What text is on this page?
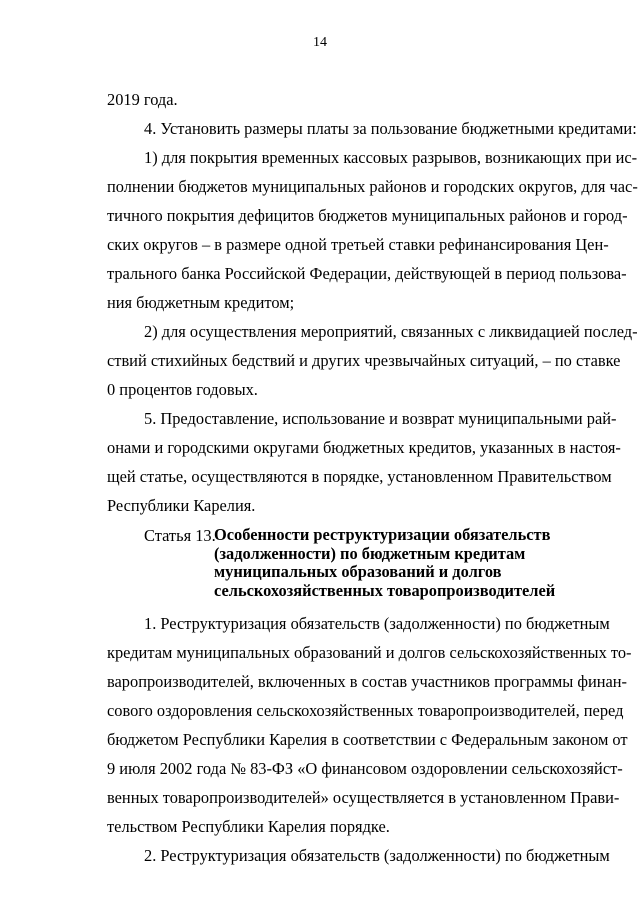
14
2019 года.
4. Установить размеры платы за пользование бюджетными кредитами:
1) для покрытия временных кассовых разрывов, возникающих при ис-
полнении бюджетов муниципальных районов и городских округов, для час-
тичного покрытия дефицитов бюджетов муниципальных районов и город-
ских округов – в размере одной третьей ставки рефинансирования Цен-
трального банка Российской Федерации, действующей в период пользова-
ния бюджетным кредитом;
2) для осуществления мероприятий, связанных с ликвидацией послед-
ствий стихийных бедствий и других чрезвычайных ситуаций, – по ставке
0 процентов годовых.
5. Предоставление, использование и возврат муниципальными рай-
онами и городскими округами бюджетных кредитов, указанных в настоя-
щей статье, осуществляются в порядке, установленном Правительством
Республики Карелия.
Статья 13.
Особенности реструктуризации обязательств
(задолженности) по бюджетным кредитам
муниципальных образований и долгов
сельскохозяйственных товаропроизводителей
1. Реструктуризация обязательств (задолженности) по бюджетным
кредитам муниципальных образований и долгов сельскохозяйственных то-
варопроизводителей, включенных в состав участников программы финан-
сового оздоровления сельскохозяйственных товаропроизводителей, перед
бюджетом Республики Карелия в соответствии с Федеральным законом от
9 июля 2002 года № 83-ФЗ «О финансовом оздоровлении сельскохозяйст-
венных товаропроизводителей» осуществляется в установленном Прави-
тельством Республики Карелия порядке.
2. Реструктуризация обязательств (задолженности) по бюджетным
